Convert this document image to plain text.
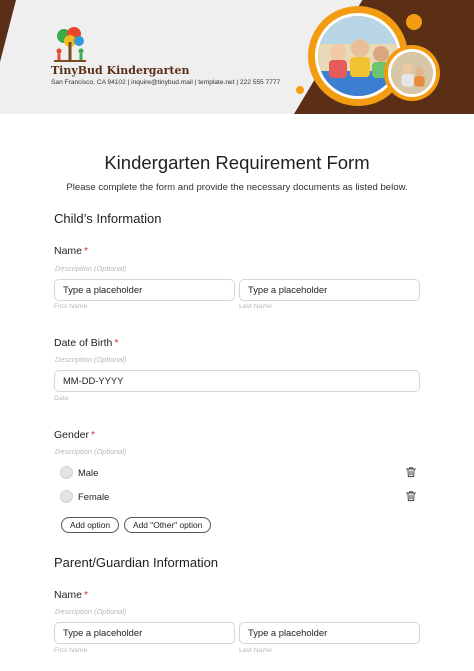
TinyBud Kindergarten
San Francisco, CA 94102 | inquire@tinybud.mail | template.net | 222 555 7777
Kindergarten Requirement Form
Please complete the form and provide the necessary documents as listed below.
Child’s Information
Name *
Description (Optional)
Type a placeholder	Type a placeholder
First Name	Last Name
Date of Birth *
Description (Optional)
MM-DD-YYYY
Date
Gender *
Description (Optional)
Male
Female
Add option	Add "Other" option
Parent/Guardian Information
Name *
Description (Optional)
Type a placeholder	Type a placeholder
First Name	Last Name
